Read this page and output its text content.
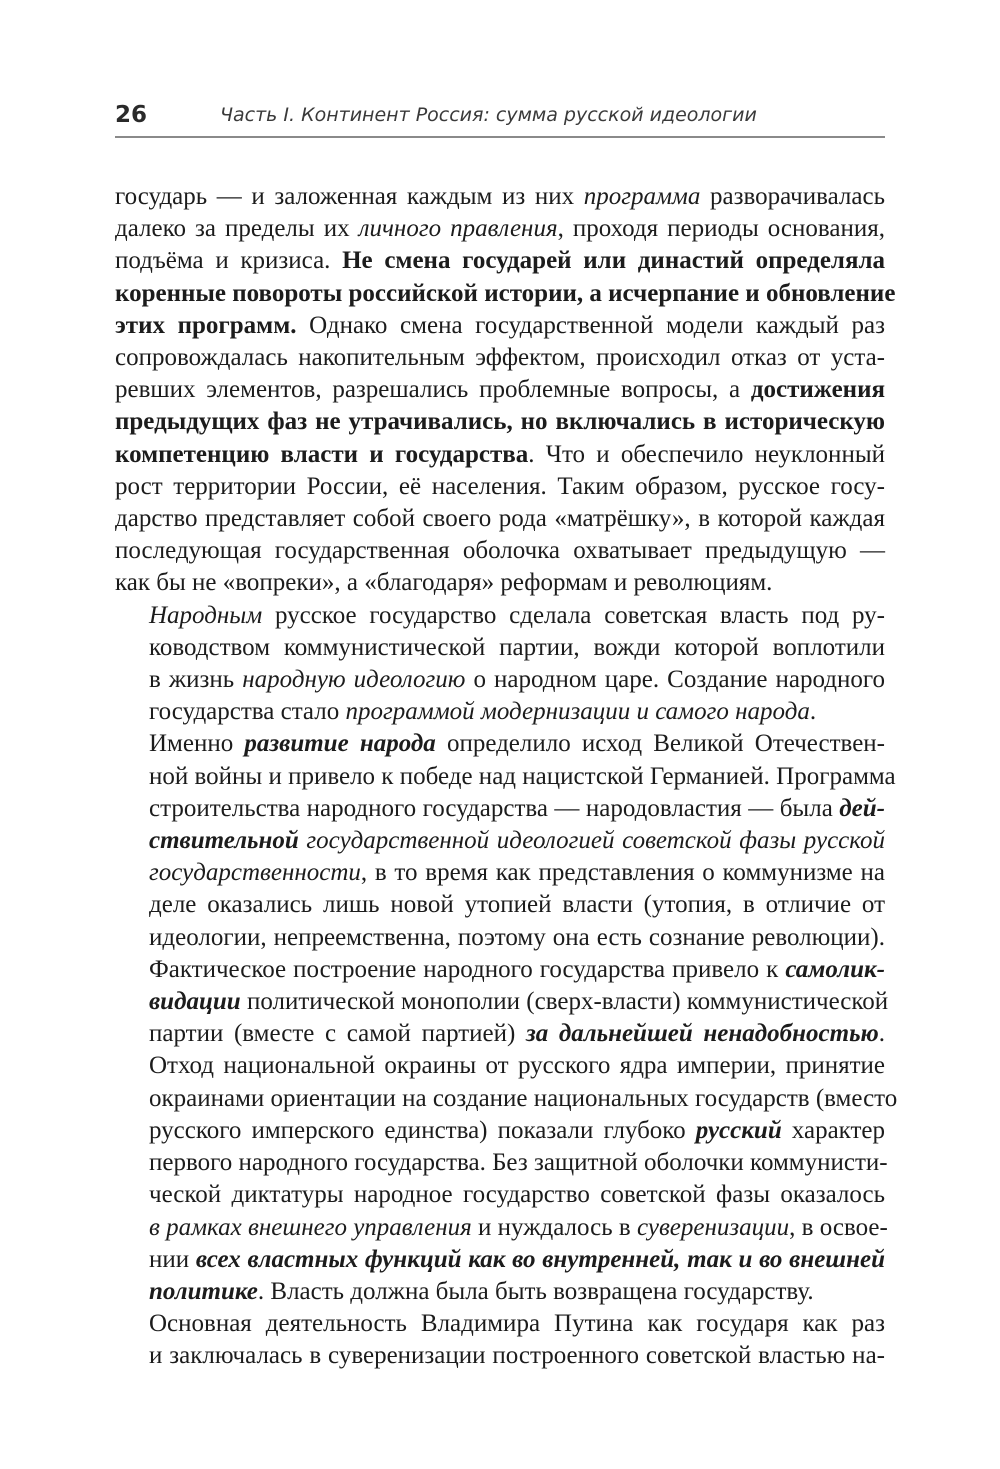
26	Часть I. Континент Россия: сумма русской идеологии

государь — и заложенная каждым из них программа разворачивалась
далеко за пределы их личного правления, проходя периоды основания,
подъёма и кризиса. Не смена государей или династий определяла
коренные повороты российской истории, а исчерпание и обновление
этих программ. Однако смена государственной модели каждый раз
сопровождалась накопительным эффектом, происходил отказ от уста-
ревших элементов, разрешались проблемные вопросы, а достижения
предыдущих фаз не утрачивались, но включались в историческую
компетенцию власти и государства. Что и обеспечило неуклонный
рост территории России, её населения. Таким образом, русское госу-
дарство представляет собой своего рода «матрёшку», в которой каждая
последующая государственная оболочка охватывает предыдущую —
как бы не «вопреки», а «благодаря» реформам и революциям.

Народным русское государство сделала советская власть под ру-
ководством коммунистической партии, вожди которой воплотили
в жизнь народную идеологию о народном царе. Создание народного
государства стало программой модернизации и самого народа.

Именно развитие народа определило исход Великой Отечествен-
ной войны и привело к победе над нацистской Германией. Программа
строительства народного государства — народовластия — была дей-
ствительной государственной идеологией советской фазы русской
государственности, в то время как представления о коммунизме на
деле оказались лишь новой утопией власти (утопия, в отличие от
идеологии, непреемственна, поэтому она есть сознание революции).
Фактическое построение народного государства привело к самолик-
видации политической монополии (сверх-власти) коммунистической
партии (вместе с самой партией) за дальнейшей ненадобностью.
Отход национальной окраины от русского ядра империи, принятие
окраинами ориентации на создание национальных государств (вместо
русского имперского единства) показали глубоко русский характер
первого народного государства. Без защитной оболочки коммунисти-
ческой диктатуры народное государство советской фазы оказалось
в рамках внешнего управления и нуждалось в суверенизации, в освое-
нии всех властных функций как во внутренней, так и во внешней
политике. Власть должна была быть возвращена государству.

Основная деятельность Владимира Путина как государя как раз
и заключалась в суверенизации построенного советской властью на-
